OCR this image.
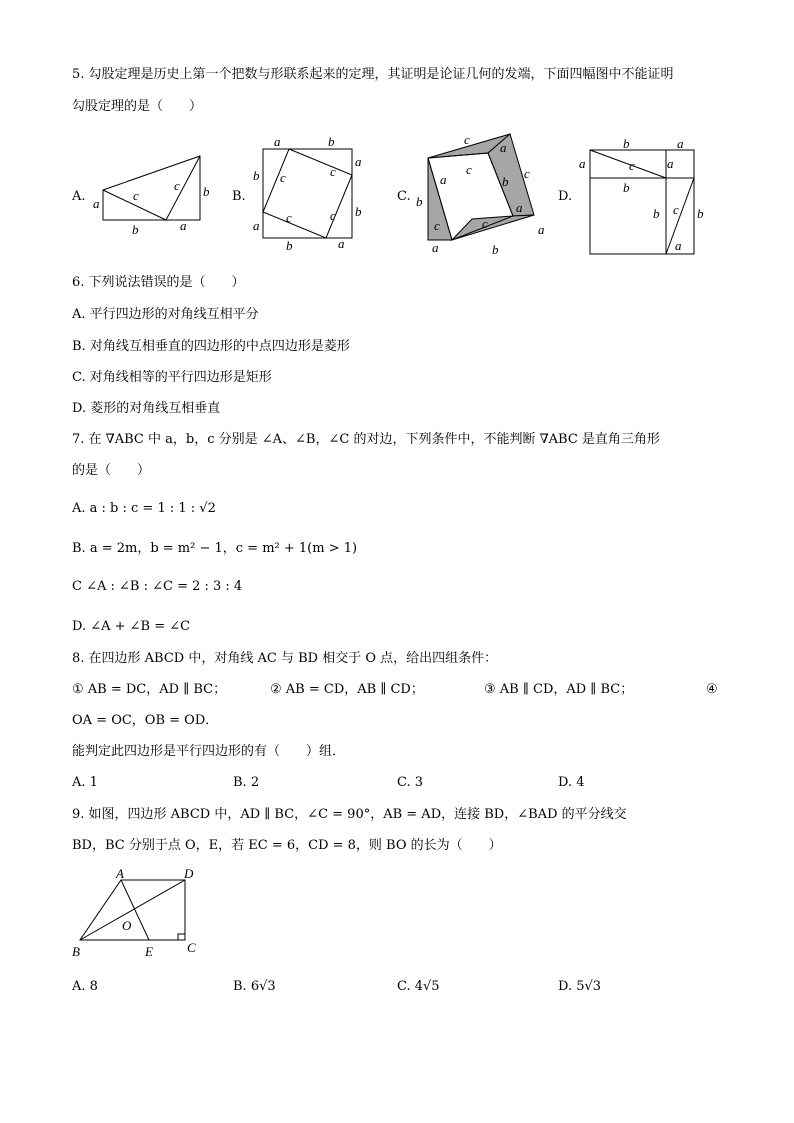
5. 勾股定理是历史上第一个把数与形联系起来的定理，其证明是论证几何的发端，下面四幅图中不能证明
勾股定理的是（　　）
A. a
b	a
b
c
c
B.
a	b
a
b
a
b
a
b c	c
c	c
C.
c
a
c
b
a
a
b
a
b
c
a
c
c
D.
b	a
a	c a
b
b c b
a
6. 下列说法错误的是（　　）
A. 平行四边形的对角线互相平分
B. 对角线互相垂直的四边形的中点四边形是菱形
C. 对角线相等的平行四边形是矩形
D. 菱形的对角线互相垂直
7. 在 ∇ABC 中 a，b，c 分别是 ∠A、∠B，∠C 的对边，下列条件中，不能判断 ∇ABC 是直角三角形
的是（　　）
A. a : b : c = 1 : 1 : √2
B. a = 2m，b = m² − 1，c = m² + 1(m > 1)
C ∠A : ∠B : ∠C = 2 : 3 : 4
D. ∠A + ∠B = ∠C
8. 在四边形 ABCD 中，对角线 AC 与 BD 相交于 O 点，给出四组条件：
① AB = DC，AD ∥ BC；	② AB = CD，AB ∥ CD；	③ AB ∥ CD，AD ∥ BC；	④
OA = OC，OB = OD．
能判定此四边形是平行四边形的有（　　）组．
A. 1	B. 2	C. 3	D. 4
9. 如图，四边形 ABCD 中，AD ∥ BC，∠C = 90°，AB = AD，连接 BD，∠BAD 的平分线交
BD，BC 分别于点 O，E，若 EC = 6，CD = 8，则 BO 的长为（　　）
A	D
B	E	C
O
A. 8	B. 6√3	C. 4√5	D. 5√3
